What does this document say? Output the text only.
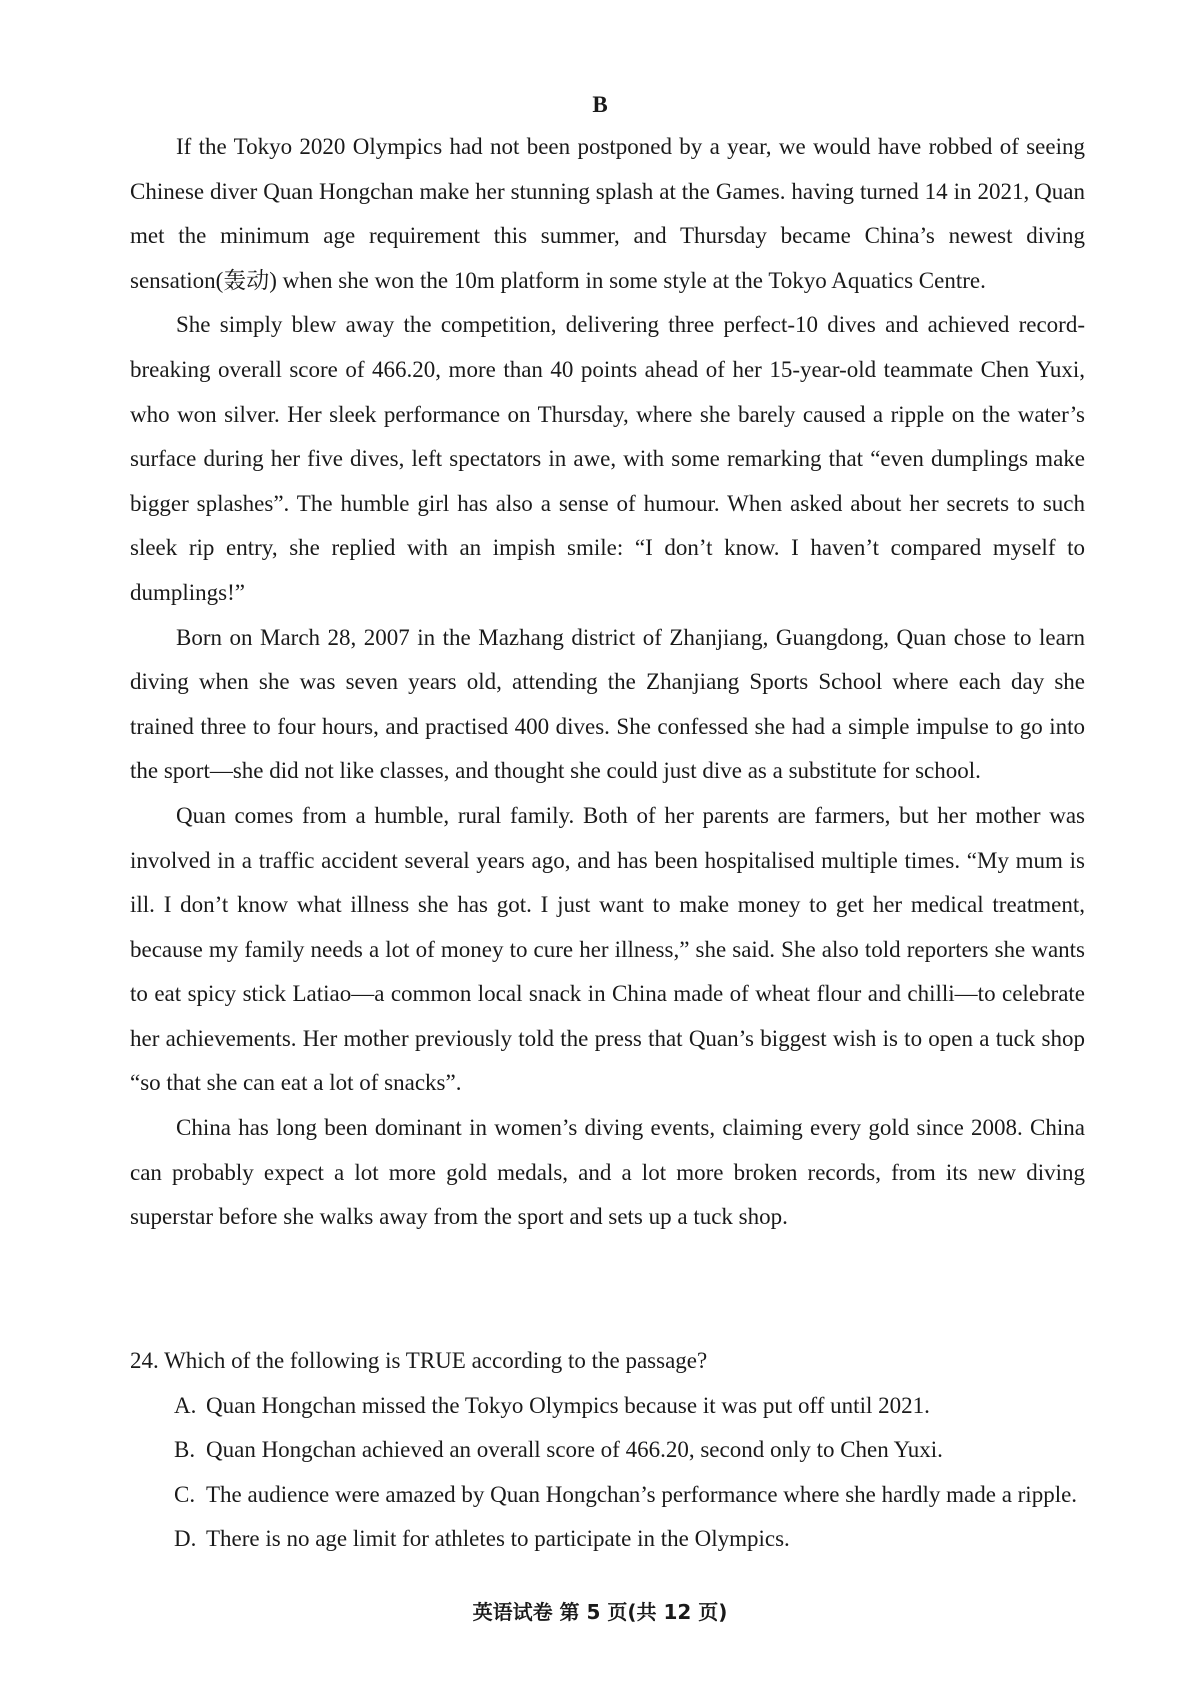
B

If the Tokyo 2020 Olympics had not been postponed by a year, we would have robbed of seeing Chinese diver Quan Hongchan make her stunning splash at the Games. having turned 14 in 2021, Quan met the minimum age requirement this summer, and Thursday became China’s newest diving sensation(轰动) when she won the 10m platform in some style at the Tokyo Aquatics Centre.

She simply blew away the competition, delivering three perfect-10 dives and achieved record-breaking overall score of 466.20, more than 40 points ahead of her 15-year-old teammate Chen Yuxi, who won silver. Her sleek performance on Thursday, where she barely caused a ripple on the water’s surface during her five dives, left spectators in awe, with some remarking that “even dumplings make bigger splashes”. The humble girl has also a sense of humour. When asked about her secrets to such sleek rip entry, she replied with an impish smile: “I don’t know. I haven’t compared myself to dumplings!”

Born on March 28, 2007 in the Mazhang district of Zhanjiang, Guangdong, Quan chose to learn diving when she was seven years old, attending the Zhanjiang Sports School where each day she trained three to four hours, and practised 400 dives. She confessed she had a simple impulse to go into the sport—she did not like classes, and thought she could just dive as a substitute for school.

Quan comes from a humble, rural family. Both of her parents are farmers, but her mother was involved in a traffic accident several years ago, and has been hospitalised multiple times. “My mum is ill. I don’t know what illness she has got. I just want to make money to get her medical treatment, because my family needs a lot of money to cure her illness,” she said. She also told reporters she wants to eat spicy stick Latiao—a common local snack in China made of wheat flour and chilli—to celebrate her achievements. Her mother previously told the press that Quan’s biggest wish is to open a tuck shop “so that she can eat a lot of snacks”.

China has long been dominant in women’s diving events, claiming every gold since 2008. China can probably expect a lot more gold medals, and a lot more broken records, from its new diving superstar before she walks away from the sport and sets up a tuck shop.

24. Which of the following is TRUE according to the passage?

A. Quan Hongchan missed the Tokyo Olympics because it was put off until 2021.

B. Quan Hongchan achieved an overall score of 466.20, second only to Chen Yuxi.

C. The audience were amazed by Quan Hongchan’s performance where she hardly made a ripple.

D. There is no age limit for athletes to participate in the Olympics.

英语试卷 第 5 页(共 12 页)
